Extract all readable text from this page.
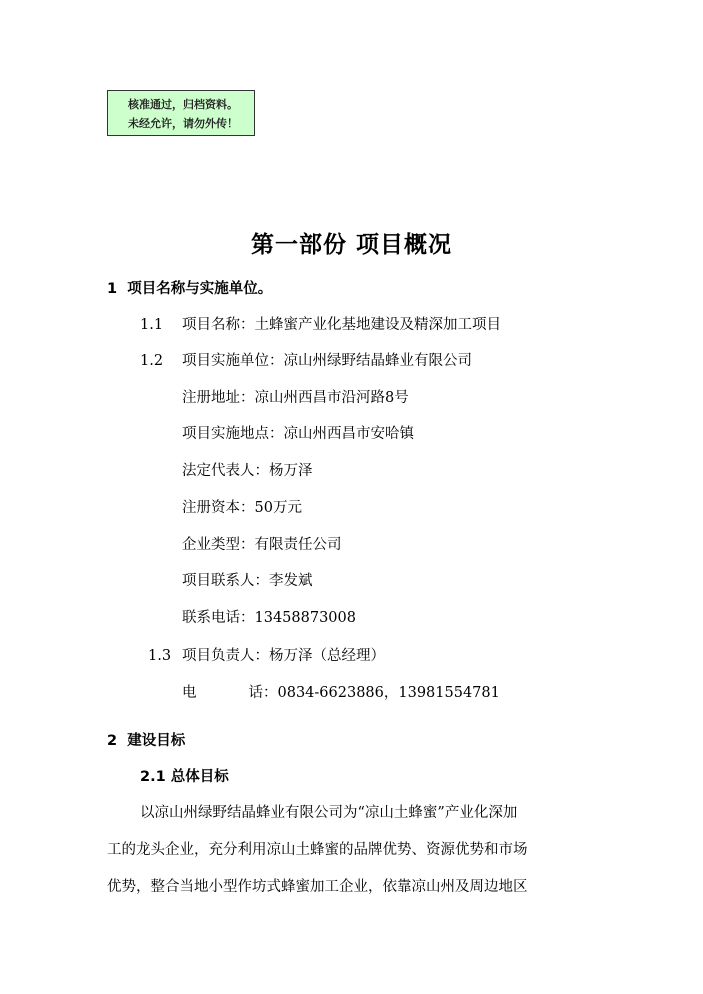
核准通过，归档资料。
未经允许，请勿外传！
第一部份 项目概况
1 项目名称与实施单位。
1.1 项目名称：土蜂蜜产业化基地建设及精深加工项目
1.2 项目实施单位：凉山州绿野结晶蜂业有限公司
注册地址：凉山州西昌市沿河路8号
项目实施地点：凉山州西昌市安哈镇
法定代表人：杨万泽
注册资本：50万元
企业类型：有限责任公司
项目联系人：李发斌
联系电话：13458873008
1.3 项目负责人：杨万泽（总经理）
电	话：0834-6623886，13981554781
2 建设目标
2.1 总体目标
以凉山州绿野结晶蜂业有限公司为“凉山土蜂蜜”产业化深加
工的龙头企业，充分利用凉山土蜂蜜的品牌优势、资源优势和市场
优势，整合当地小型作坊式蜂蜜加工企业，依靠凉山州及周边地区
